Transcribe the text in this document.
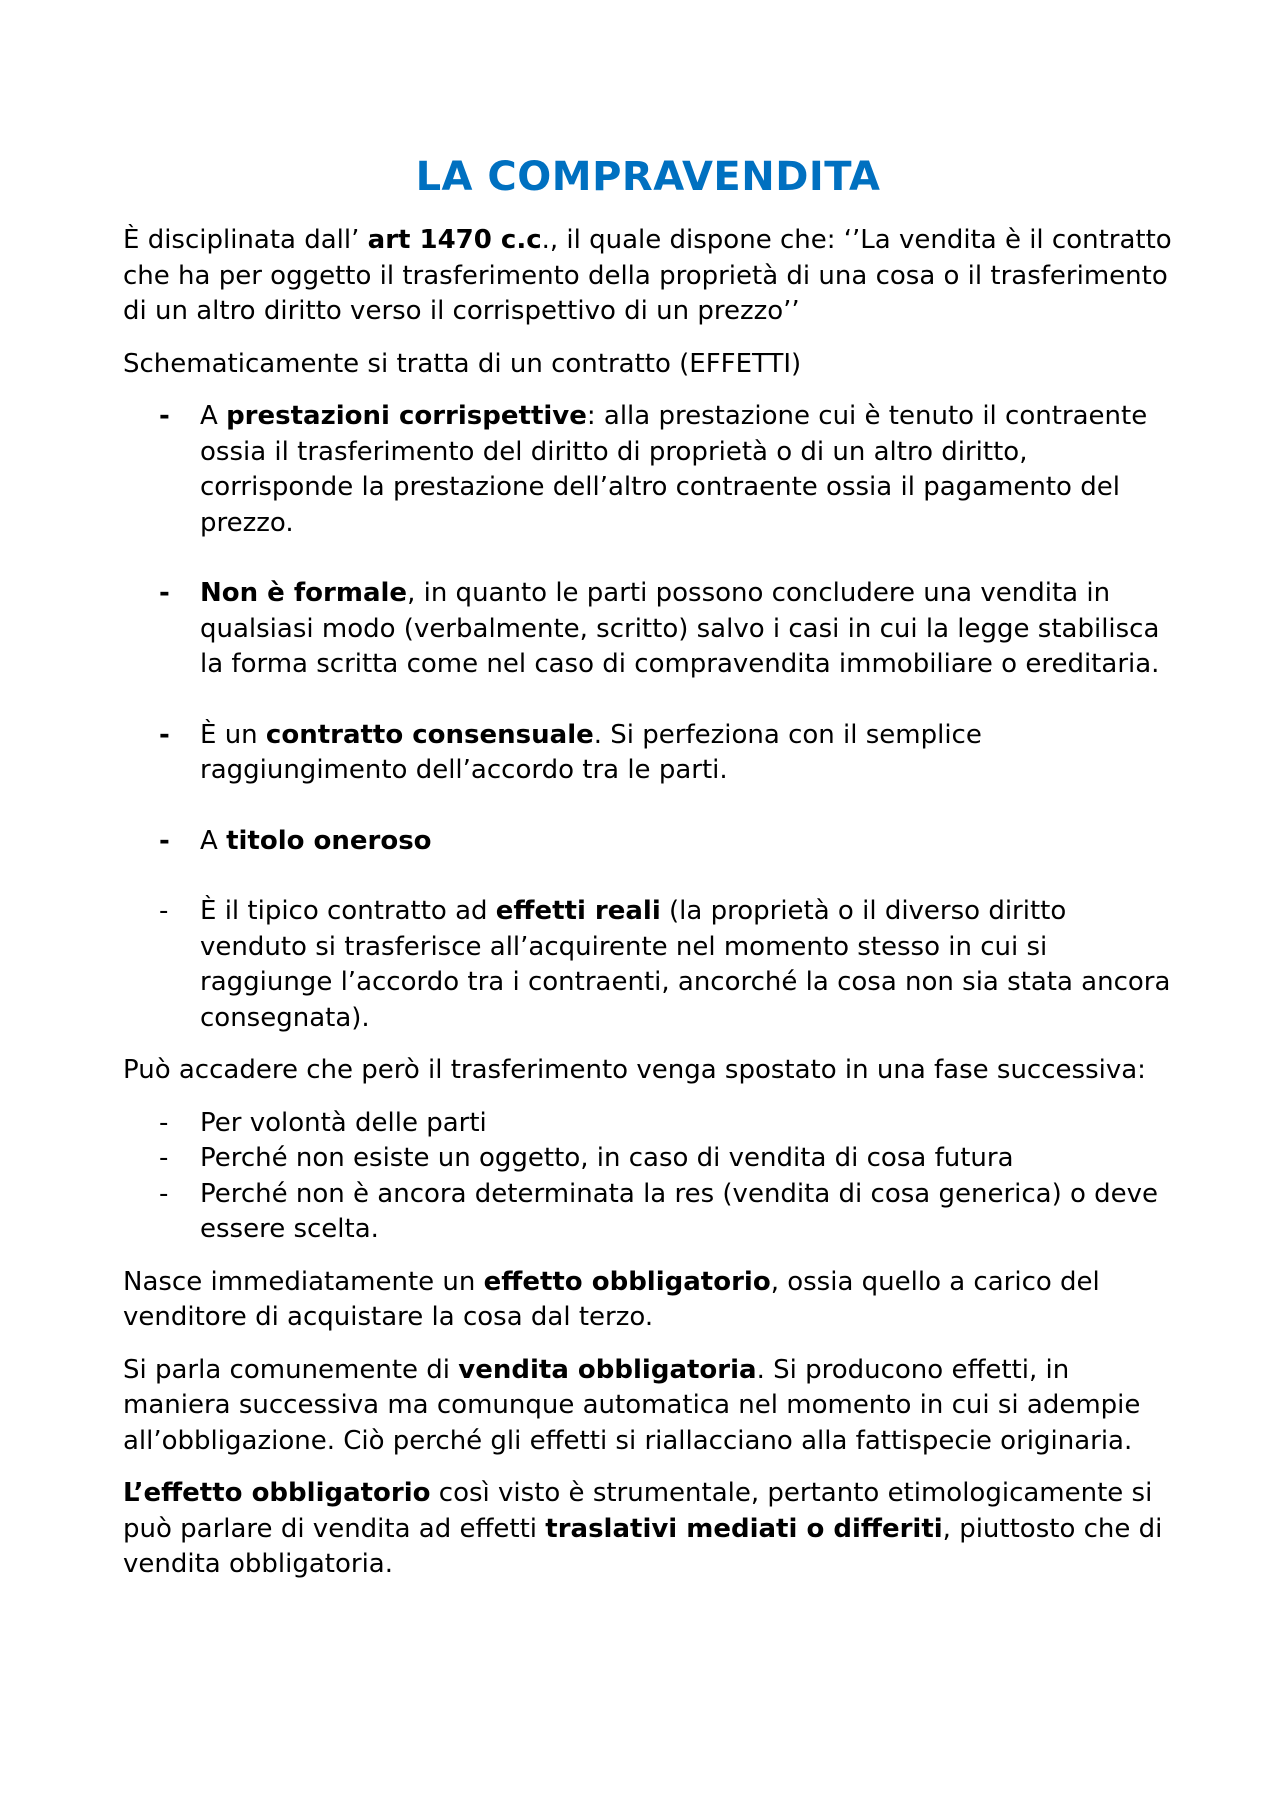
LA COMPRAVENDITA

È disciplinata dall’ art 1470 c.c., il quale dispone che: ‘’La vendita è il contratto che ha per oggetto il trasferimento della proprietà di una cosa o il trasferimento di un altro diritto verso il corrispettivo di un prezzo’’

Schematicamente si tratta di un contratto (EFFETTI)

- A prestazioni corrispettive: alla prestazione cui è tenuto il contraente ossia il trasferimento del diritto di proprietà o di un altro diritto, corrisponde la prestazione dell’altro contraente ossia il pagamento del prezzo.
- Non è formale, in quanto le parti possono concludere una vendita in qualsiasi modo (verbalmente, scritto) salvo i casi in cui la legge stabilisca la forma scritta come nel caso di compravendita immobiliare o ereditaria.
- È un contratto consensuale. Si perfeziona con il semplice raggiungimento dell’accordo tra le parti.
- A titolo oneroso
- È il tipico contratto ad effetti reali (la proprietà o il diverso diritto venduto si trasferisce all’acquirente nel momento stesso in cui si raggiunge l’accordo tra i contraenti, ancorché la cosa non sia stata ancora consegnata).

Può accadere che però il trasferimento venga spostato in una fase successiva:

- Per volontà delle parti
- Perché non esiste un oggetto, in caso di vendita di cosa futura
- Perché non è ancora determinata la res (vendita di cosa generica) o deve essere scelta.

Nasce immediatamente un effetto obbligatorio, ossia quello a carico del venditore di acquistare la cosa dal terzo.

Si parla comunemente di vendita obbligatoria. Si producono effetti, in maniera successiva ma comunque automatica nel momento in cui si adempie all’obbligazione. Ciò perché gli effetti si riallacciano alla fattispecie originaria.

L’effetto obbligatorio così visto è strumentale, pertanto etimologicamente si può parlare di vendita ad effetti traslativi mediati o differiti, piuttosto che di vendita obbligatoria.
